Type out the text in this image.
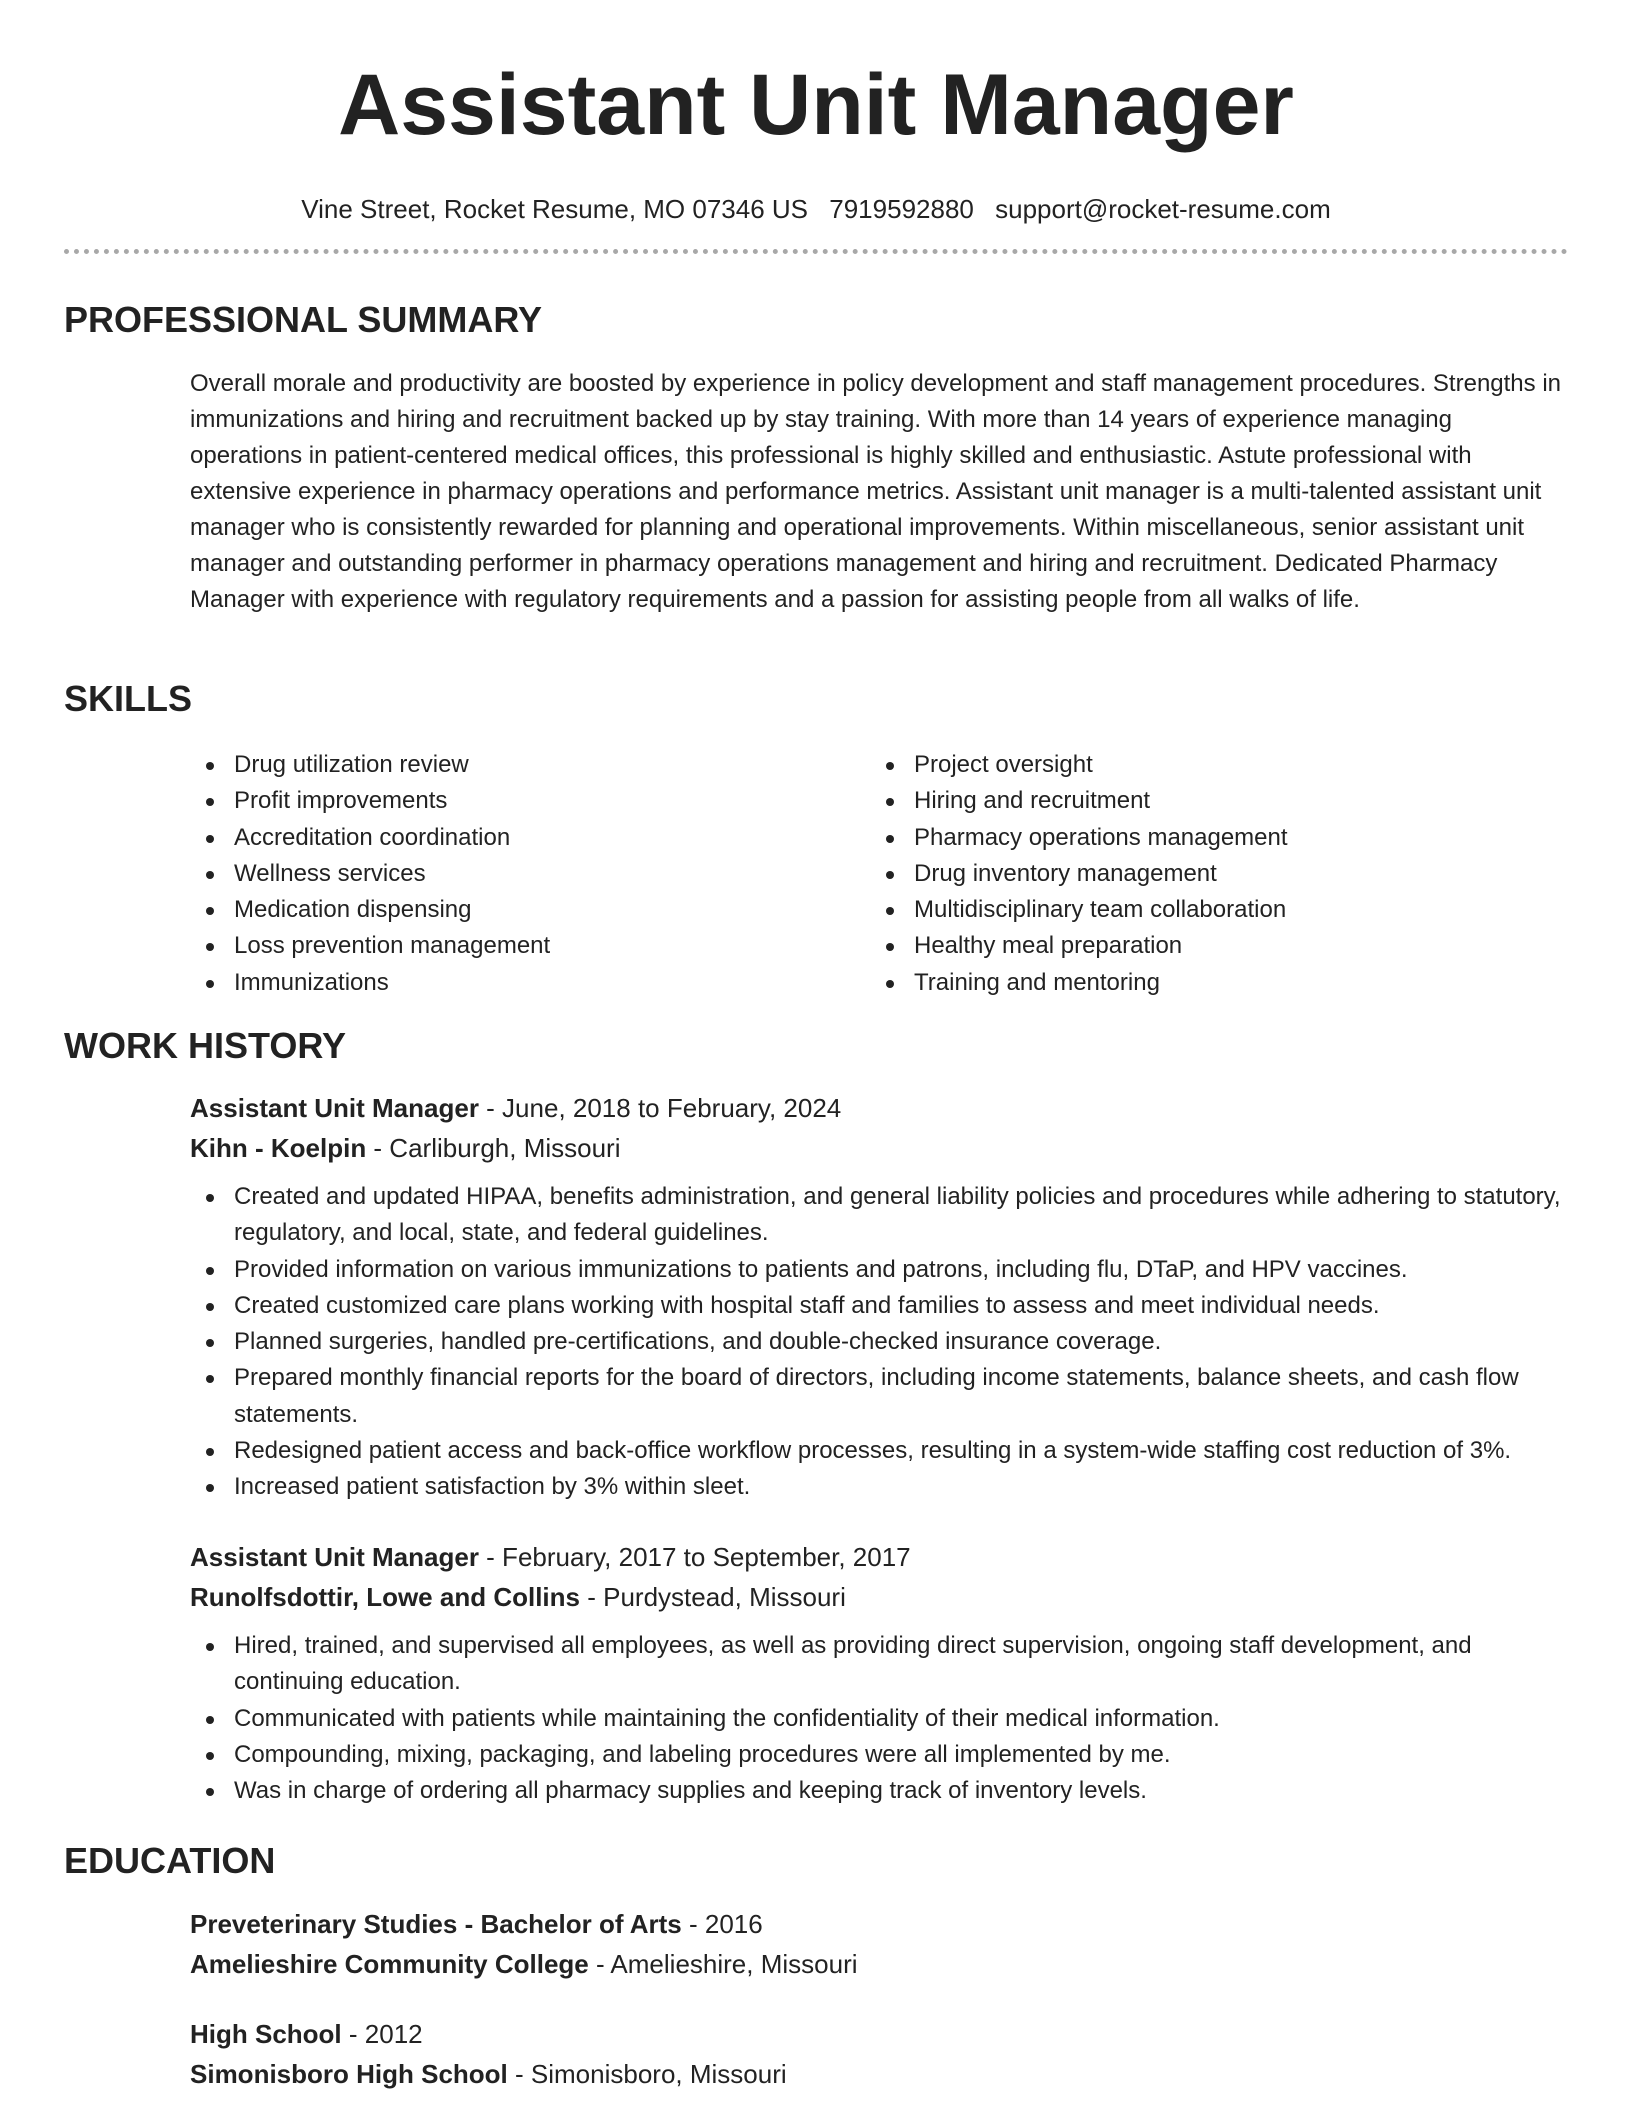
Assistant Unit Manager
Vine Street, Rocket Resume, MO 07346 US 7919592880 support@rocket-resume.com
PROFESSIONAL SUMMARY
Overall morale and productivity are boosted by experience in policy development and staff management procedures. Strengths in immunizations and hiring and recruitment backed up by stay training. With more than 14 years of experience managing operations in patient-centered medical offices, this professional is highly skilled and enthusiastic. Astute professional with extensive experience in pharmacy operations and performance metrics. Assistant unit manager is a multi-talented assistant unit manager who is consistently rewarded for planning and operational improvements. Within miscellaneous, senior assistant unit manager and outstanding performer in pharmacy operations management and hiring and recruitment. Dedicated Pharmacy Manager with experience with regulatory requirements and a passion for assisting people from all walks of life.
SKILLS
Drug utilization review
Profit improvements
Accreditation coordination
Wellness services
Medication dispensing
Loss prevention management
Immunizations
Project oversight
Hiring and recruitment
Pharmacy operations management
Drug inventory management
Multidisciplinary team collaboration
Healthy meal preparation
Training and mentoring
WORK HISTORY
Assistant Unit Manager - June, 2018 to February, 2024
Kihn - Koelpin - Carliburgh, Missouri
Created and updated HIPAA, benefits administration, and general liability policies and procedures while adhering to statutory, regulatory, and local, state, and federal guidelines.
Provided information on various immunizations to patients and patrons, including flu, DTaP, and HPV vaccines.
Created customized care plans working with hospital staff and families to assess and meet individual needs.
Planned surgeries, handled pre-certifications, and double-checked insurance coverage.
Prepared monthly financial reports for the board of directors, including income statements, balance sheets, and cash flow statements.
Redesigned patient access and back-office workflow processes, resulting in a system-wide staffing cost reduction of 3%.
Increased patient satisfaction by 3% within sleet.
Assistant Unit Manager - February, 2017 to September, 2017
Runolfsdottir, Lowe and Collins - Purdystead, Missouri
Hired, trained, and supervised all employees, as well as providing direct supervision, ongoing staff development, and continuing education.
Communicated with patients while maintaining the confidentiality of their medical information.
Compounding, mixing, packaging, and labeling procedures were all implemented by me.
Was in charge of ordering all pharmacy supplies and keeping track of inventory levels.
EDUCATION
Preveterinary Studies - Bachelor of Arts - 2016
Amelieshire Community College - Amelieshire, Missouri
High School - 2012
Simonisboro High School - Simonisboro, Missouri
